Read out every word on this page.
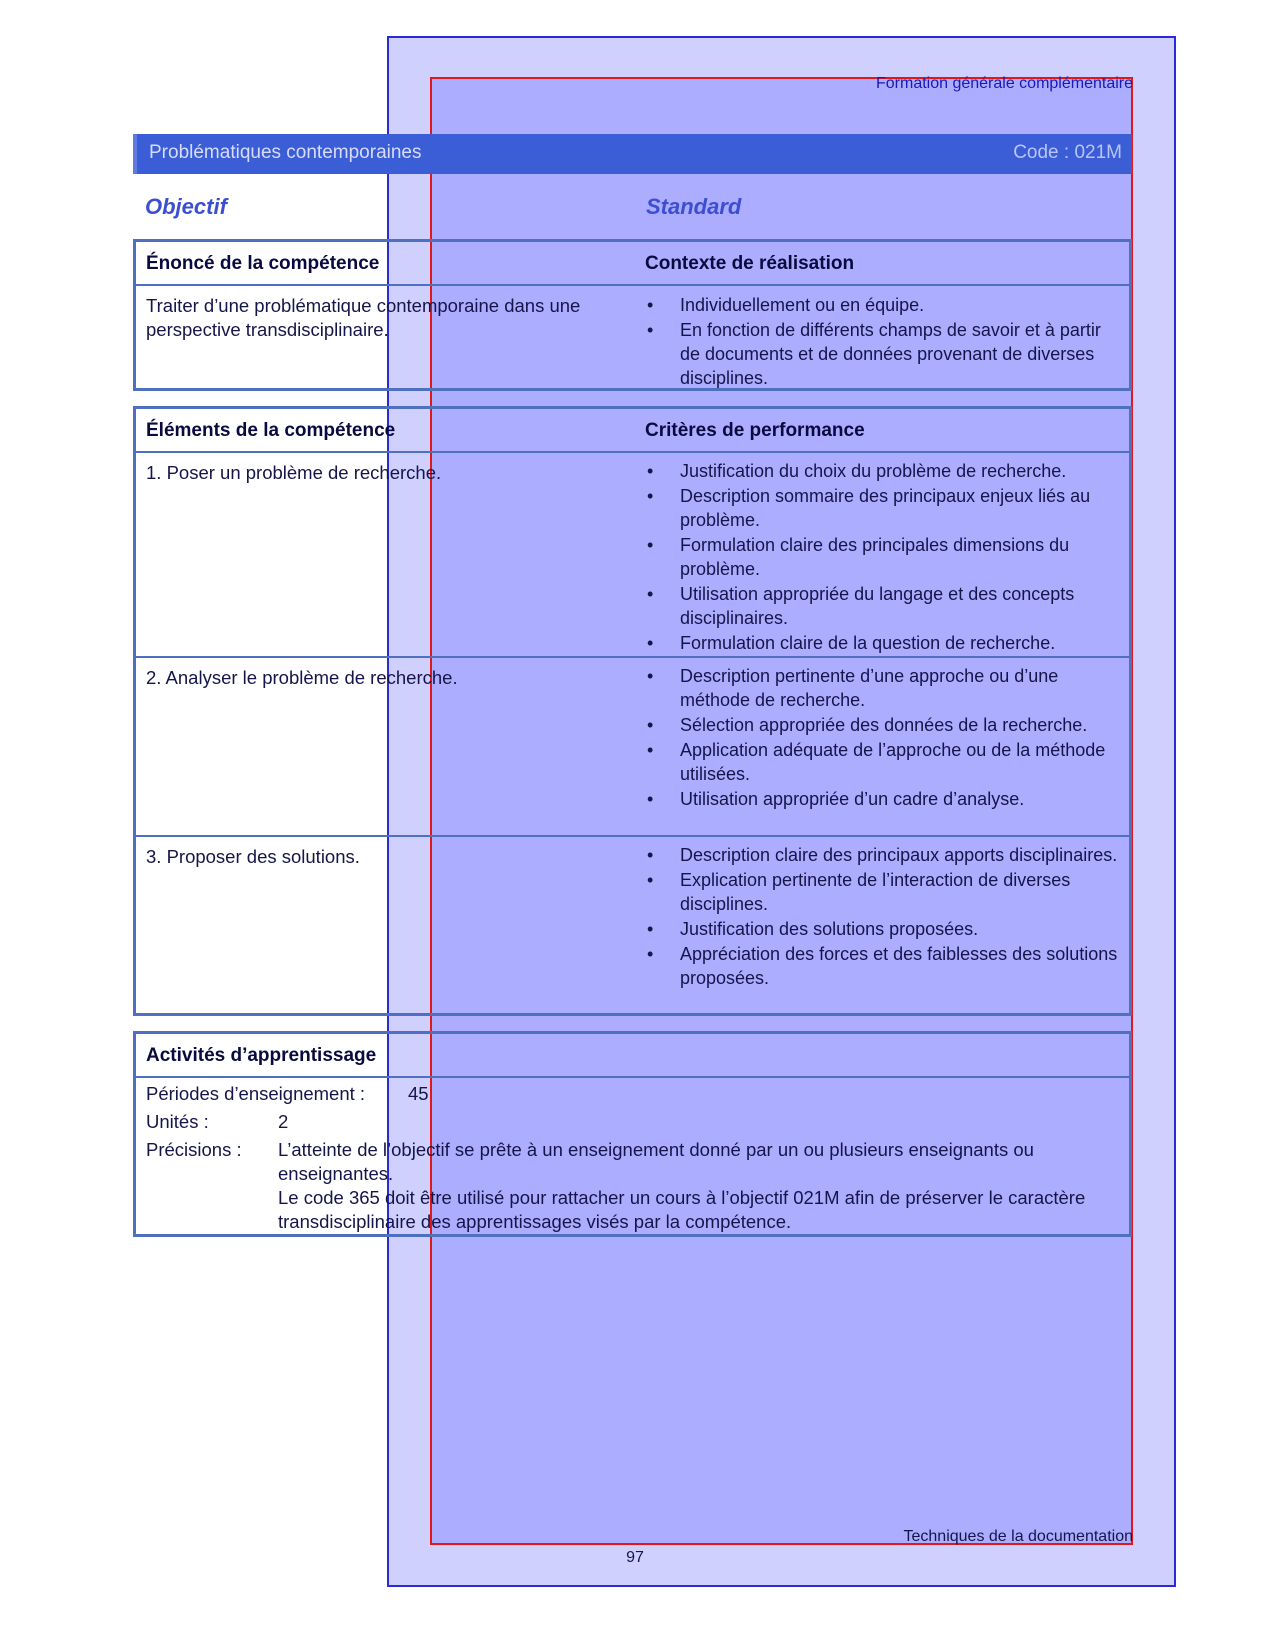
Formation générale complémentaire
Problématiques contemporaines	Code : 021M
Objectif	Standard
Énoncé de la compétence	Contexte de réalisation
Traiter d’une problématique contemporaine dans une perspective transdisciplinaire.
• Individuellement ou en équipe.
• En fonction de différents champs de savoir et à partir de documents et de données provenant de diverses disciplines.
Éléments de la compétence	Critères de performance
1. Poser un problème de recherche.	• Justification du choix du problème de recherche.
• Description sommaire des principaux enjeux liés au problème.
• Formulation claire des principales dimensions du problème.
• Utilisation appropriée du langage et des concepts disciplinaires.
• Formulation claire de la question de recherche.
2. Analyser le problème de recherche.	• Description pertinente d’une approche ou d’une méthode de recherche.
• Sélection appropriée des données de la recherche.
• Application adéquate de l’approche ou de la méthode utilisées.
• Utilisation appropriée d’un cadre d’analyse.
3. Proposer des solutions.	• Description claire des principaux apports disciplinaires.
• Explication pertinente de l’interaction de diverses disciplines.
• Justification des solutions proposées.
• Appréciation des forces et des faiblesses des solutions proposées.
Activités d’apprentissage
Périodes d’enseignement : 45
Unités :	2
Précisions : L’atteinte de l’objectif se prête à un enseignement donné par un ou plusieurs enseignants ou enseignantes.
Le code 365 doit être utilisé pour rattacher un cours à l’objectif 021M afin de préserver le caractère transdisciplinaire des apprentissages visés par la compétence.
Techniques de la documentation
97
